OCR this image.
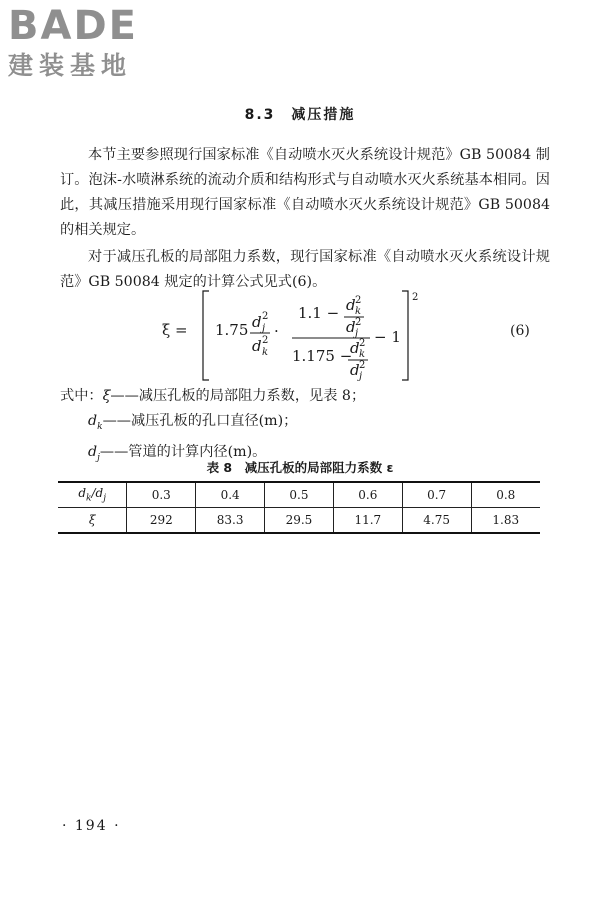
BADE
建装基地
8.3　减压措施
本节主要参照现行国家标准《自动喷水灭火系统设计规范》GB 50084 制订。泡沫-水喷淋系统的流动介质和结构形式与自动喷水灭火系统基本相同。因此，其减压措施采用现行国家标准《自动喷水灭火系统设计规范》GB 50084 的相关规定。
对于减压孔板的局部阻力系数，现行国家标准《自动喷水灭火系统设计规范》GB 50084 规定的计算公式见式(6)。
ξ = 1.75 d 2
j
d 2
k
·
1.1 − d 2
k
d 2
j
1.175 −
d 2
k
d 2
j
− 1
2
(6)
式中：ξ——减压孔板的局部阻力系数，见表 8；
$d_k——$减压孔板的孔口直径(m)；
$d_j——$管道的计算内径(m)。
表 8　减压孔板的局部阻力系数 ε
$d_k/d_j$	0.3	0.4	0.5	0.6	0.7	0.8
ξ	292	83.3	29.5	11.7	4.75	1.83
· 194 ·
